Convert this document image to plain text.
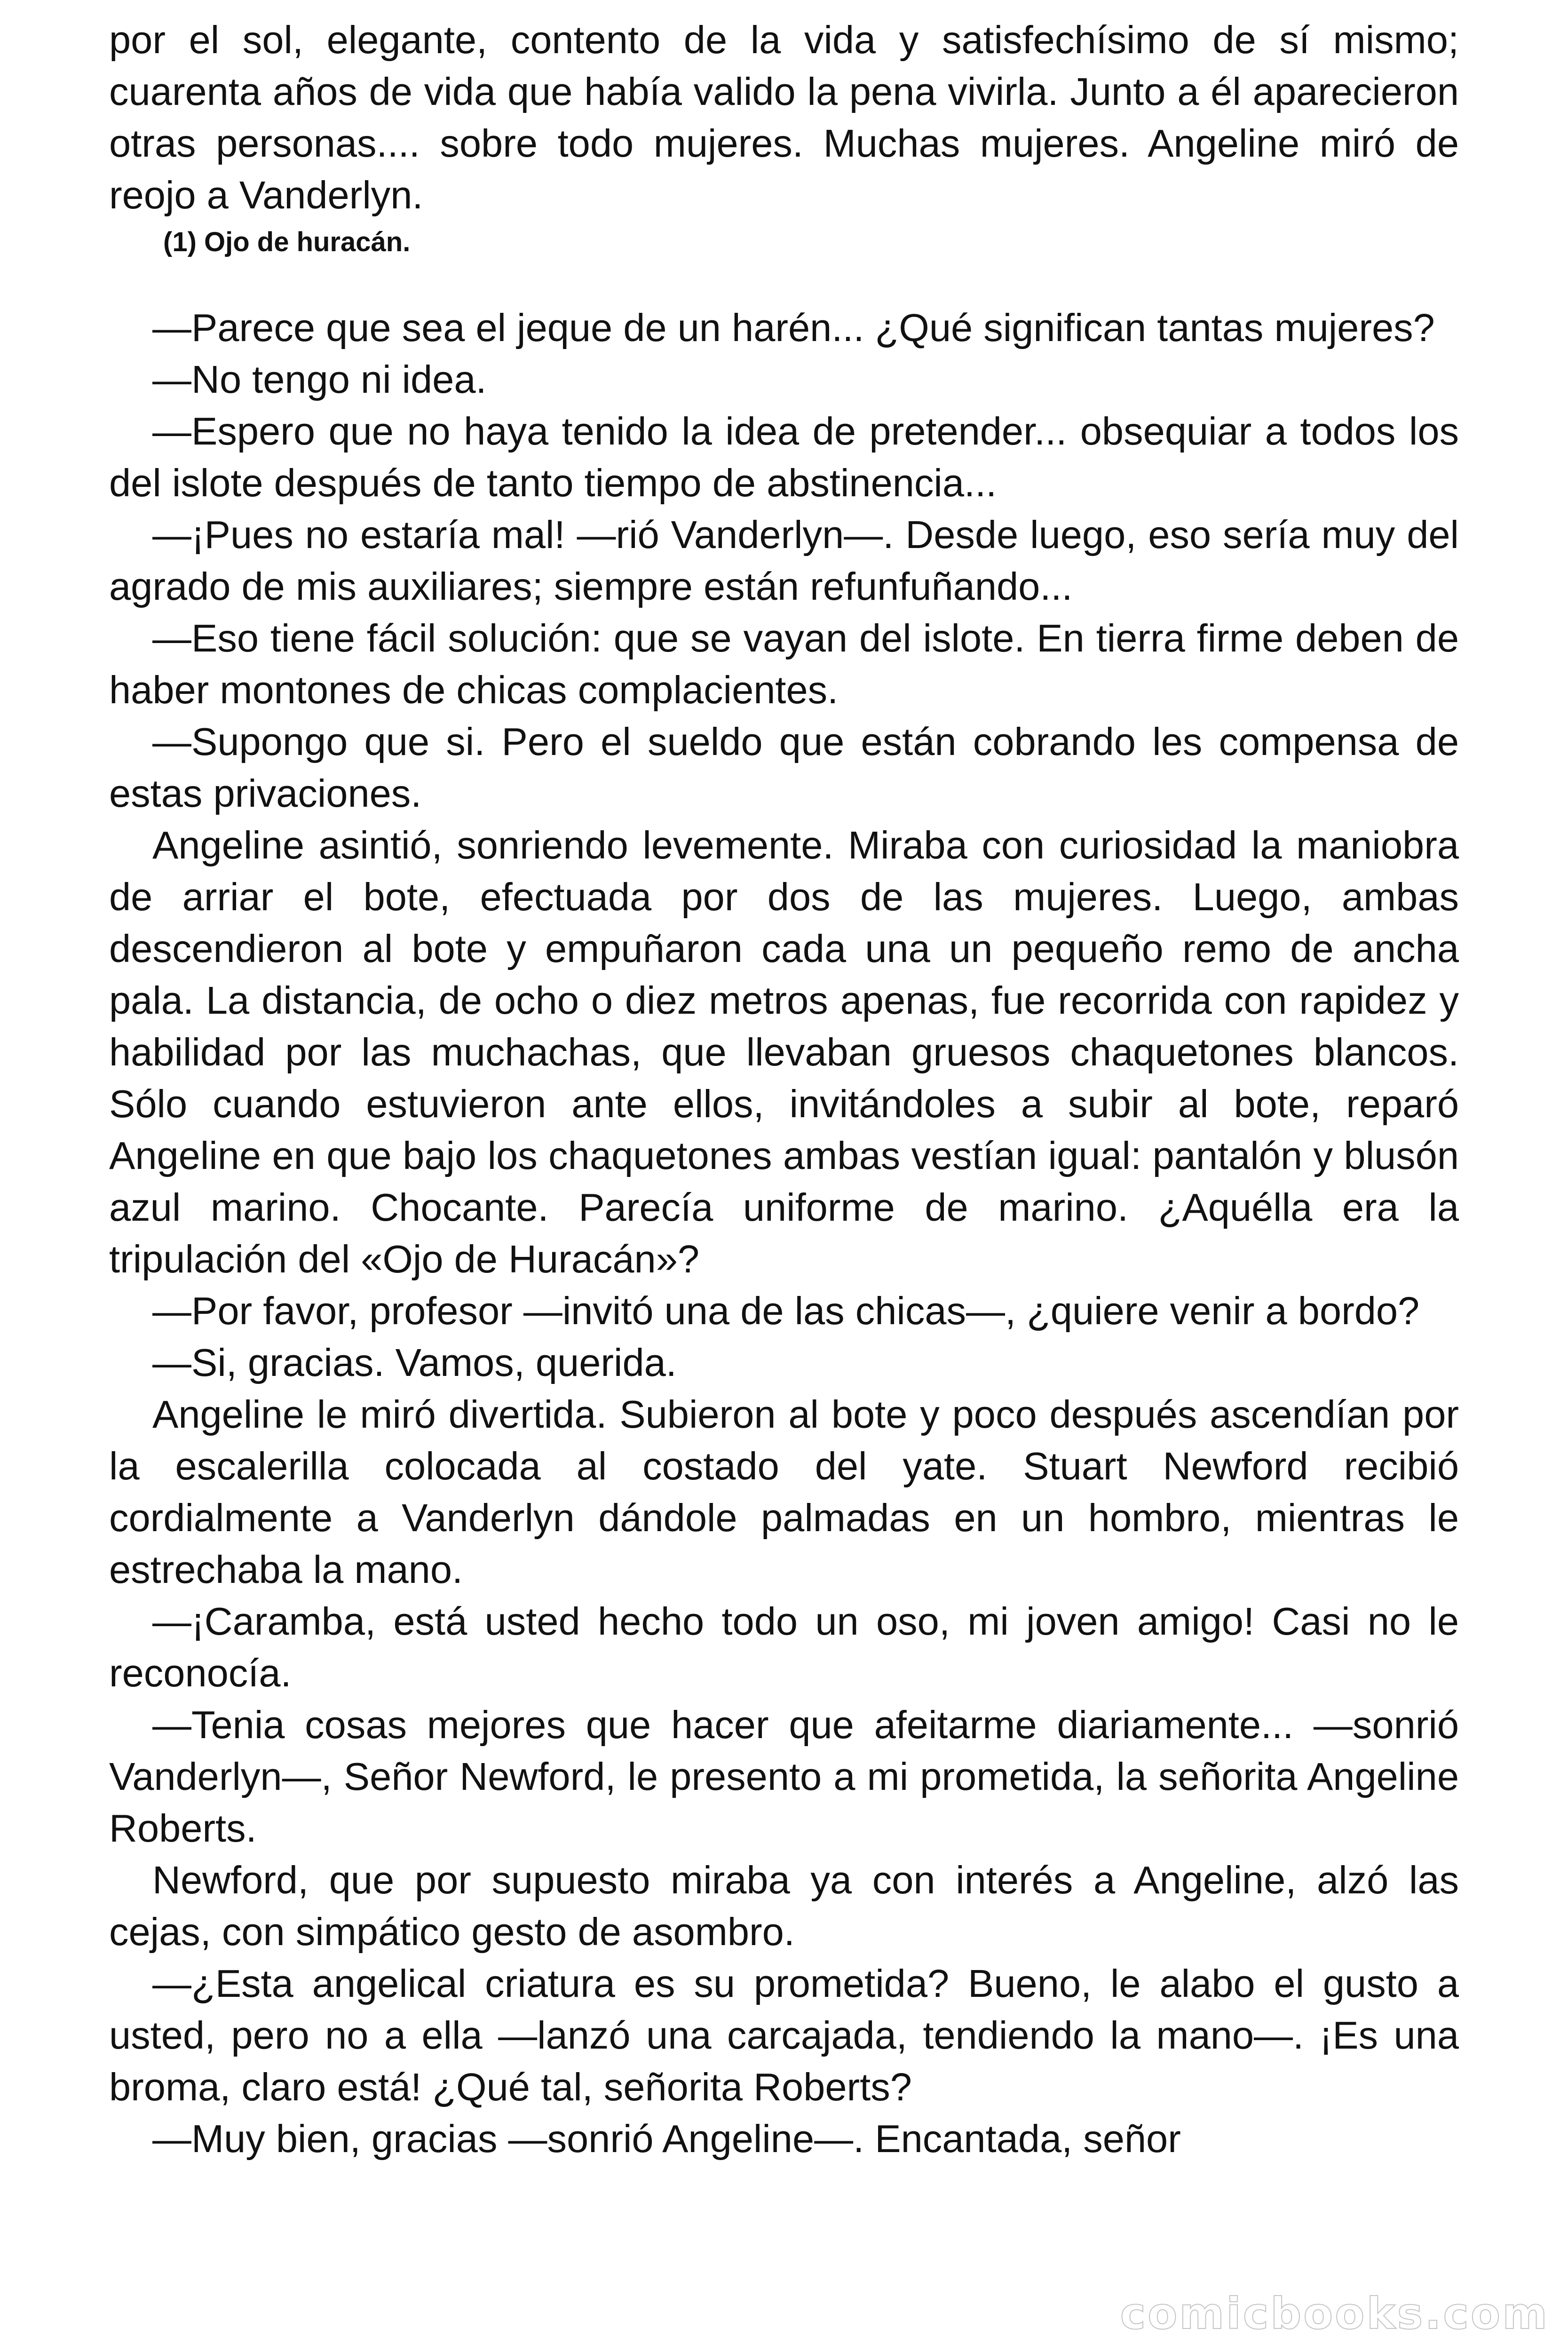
por el sol, elegante, contento de la vida y satisfechísimo de sí mismo; cuarenta años de vida que había valido la pena vivirla. Junto a él aparecieron otras personas.... sobre todo mujeres. Muchas mujeres. Angeline miró de reojo a Vanderlyn.

(1) Ojo de huracán.

—Parece que sea el jeque de un harén... ¿Qué significan tantas mujeres?

—No tengo ni idea.

—Espero que no haya tenido la idea de pretender... obsequiar a todos los del islote después de tanto tiempo de abstinencia...

—¡Pues no estaría mal! —rió Vanderlyn—. Desde luego, eso sería muy del agrado de mis auxiliares; siempre están refunfuñando...

—Eso tiene fácil solución: que se vayan del islote. En tierra firme deben de haber montones de chicas complacientes.

—Supongo que si. Pero el sueldo que están cobrando les compensa de estas privaciones.

Angeline asintió, sonriendo levemente. Miraba con curiosidad la maniobra de arriar el bote, efectuada por dos de las mujeres. Luego, ambas descendieron al bote y empuñaron cada una un pequeño remo de ancha pala. La distancia, de ocho o diez metros apenas, fue recorrida con rapidez y habilidad por las muchachas, que llevaban gruesos chaquetones blancos. Sólo cuando estuvieron ante ellos, invitándoles a subir al bote, reparó Angeline en que bajo los chaquetones ambas vestían igual: pantalón y blusón azul marino. Chocante. Parecía uniforme de marino. ¿Aquélla era la tripulación del «Ojo de Huracán»?

—Por favor, profesor —invitó una de las chicas—, ¿quiere venir a bordo?

—Si, gracias. Vamos, querida.

Angeline le miró divertida. Subieron al bote y poco después ascendían por la escalerilla colocada al costado del yate. Stuart Newford recibió cordialmente a Vanderlyn dándole palmadas en un hombro, mientras le estrechaba la mano.

—¡Caramba, está usted hecho todo un oso, mi joven amigo! Casi no le reconocía.

—Tenia cosas mejores que hacer que afeitarme diariamente... —sonrió Vanderlyn—, Señor Newford, le presento a mi prometida, la señorita Angeline Roberts.

Newford, que por supuesto miraba ya con interés a Angeline, alzó las cejas, con simpático gesto de asombro.

—¿Esta angelical criatura es su prometida? Bueno, le alabo el gusto a usted, pero no a ella —lanzó una carcajada, tendiendo la mano—. ¡Es una broma, claro está! ¿Qué tal, señorita Roberts?

—Muy bien, gracias —sonrió Angeline—. Encantada, señor

comicbooks.com
